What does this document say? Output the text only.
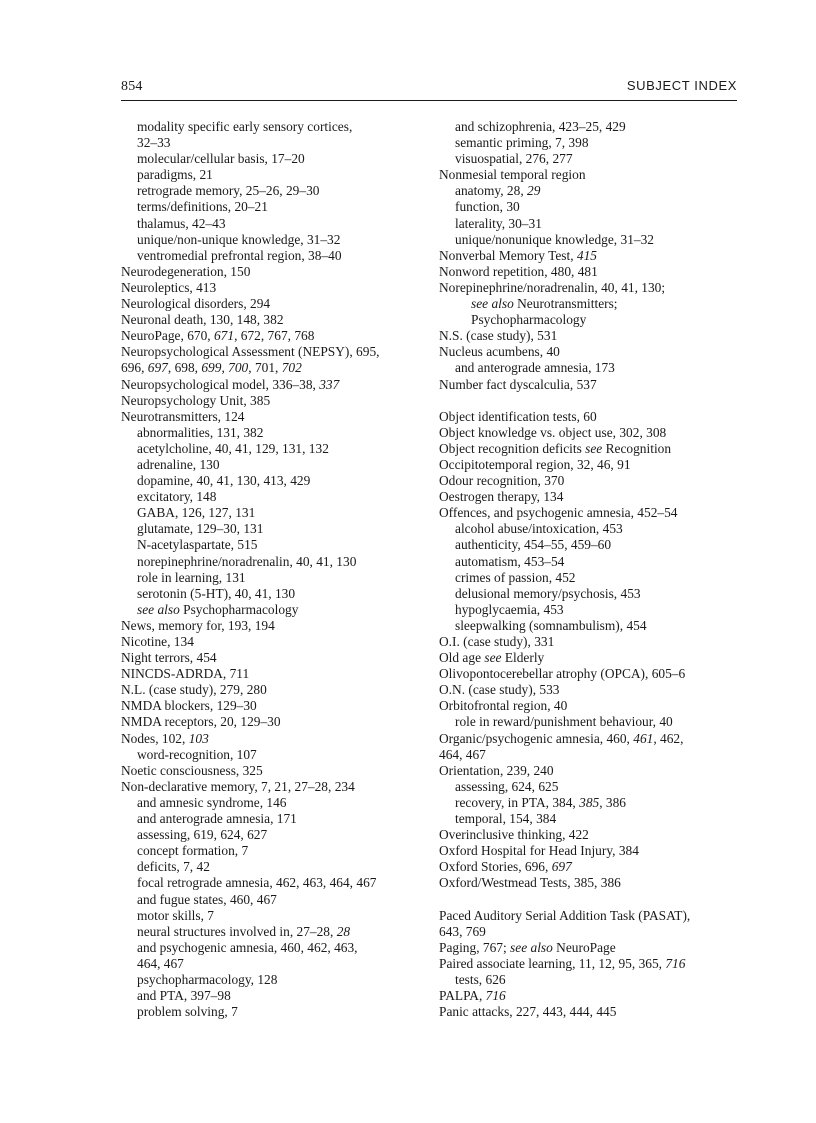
854	SUBJECT INDEX
modality specific early sensory cortices,
32–33
molecular/cellular basis, 17–20
paradigms, 21
retrograde memory, 25–26, 29–30
terms/definitions, 20–21
thalamus, 42–43
unique/non-unique knowledge, 31–32
ventromedial prefrontal region, 38–40
Neurodegeneration, 150
Neuroleptics, 413
Neurological disorders, 294
Neuronal death, 130, 148, 382
NeuroPage, 670, 671, 672, 767, 768
Neuropsychological Assessment (NEPSY), 695,
696, 697, 698, 699, 700, 701, 702
Neuropsychological model, 336–38, 337
Neuropsychology Unit, 385
Neurotransmitters, 124
abnormalities, 131, 382
acetylcholine, 40, 41, 129, 131, 132
adrenaline, 130
dopamine, 40, 41, 130, 413, 429
excitatory, 148
GABA, 126, 127, 131
glutamate, 129–30, 131
N-acetylaspartate, 515
norepinephrine/noradrenalin, 40, 41, 130
role in learning, 131
serotonin (5-HT), 40, 41, 130
see also Psychopharmacology
News, memory for, 193, 194
Nicotine, 134
Night terrors, 454
NINCDS-ADRDA, 711
N.L. (case study), 279, 280
NMDA blockers, 129–30
NMDA receptors, 20, 129–30
Nodes, 102, 103
word-recognition, 107
Noetic consciousness, 325
Non-declarative memory, 7, 21, 27–28, 234
and amnesic syndrome, 146
and anterograde amnesia, 171
assessing, 619, 624, 627
concept formation, 7
deficits, 7, 42
focal retrograde amnesia, 462, 463, 464, 467
and fugue states, 460, 467
motor skills, 7
neural structures involved in, 27–28, 28
and psychogenic amnesia, 460, 462, 463,
464, 467
psychopharmacology, 128
and PTA, 397–98
problem solving, 7
and schizophrenia, 423–25, 429
semantic priming, 7, 398
visuospatial, 276, 277
Nonmesial temporal region
anatomy, 28, 29
function, 30
laterality, 30–31
unique/nonunique knowledge, 31–32
Nonverbal Memory Test, 415
Nonword repetition, 480, 481
Norepinephrine/noradrenalin, 40, 41, 130;
see also Neurotransmitters;
Psychopharmacology
N.S. (case study), 531
Nucleus acumbens, 40
and anterograde amnesia, 173
Number fact dyscalculia, 537
Object identification tests, 60
Object knowledge vs. object use, 302, 308
Object recognition deficits see Recognition
Occipitotemporal region, 32, 46, 91
Odour recognition, 370
Oestrogen therapy, 134
Offences, and psychogenic amnesia, 452–54
alcohol abuse/intoxication, 453
authenticity, 454–55, 459–60
automatism, 453–54
crimes of passion, 452
delusional memory/psychosis, 453
hypoglycaemia, 453
sleepwalking (somnambulism), 454
O.I. (case study), 331
Old age see Elderly
Olivopontocerebellar atrophy (OPCA), 605–6
O.N. (case study), 533
Orbitofrontal region, 40
role in reward/punishment behaviour, 40
Organic/psychogenic amnesia, 460, 461, 462,
464, 467
Orientation, 239, 240
assessing, 624, 625
recovery, in PTA, 384, 385, 386
temporal, 154, 384
Overinclusive thinking, 422
Oxford Hospital for Head Injury, 384
Oxford Stories, 696, 697
Oxford/Westmead Tests, 385, 386
Paced Auditory Serial Addition Task (PASAT),
643, 769
Paging, 767; see also NeuroPage
Paired associate learning, 11, 12, 95, 365, 716
tests, 626
PALPA, 716
Panic attacks, 227, 443, 444, 445
